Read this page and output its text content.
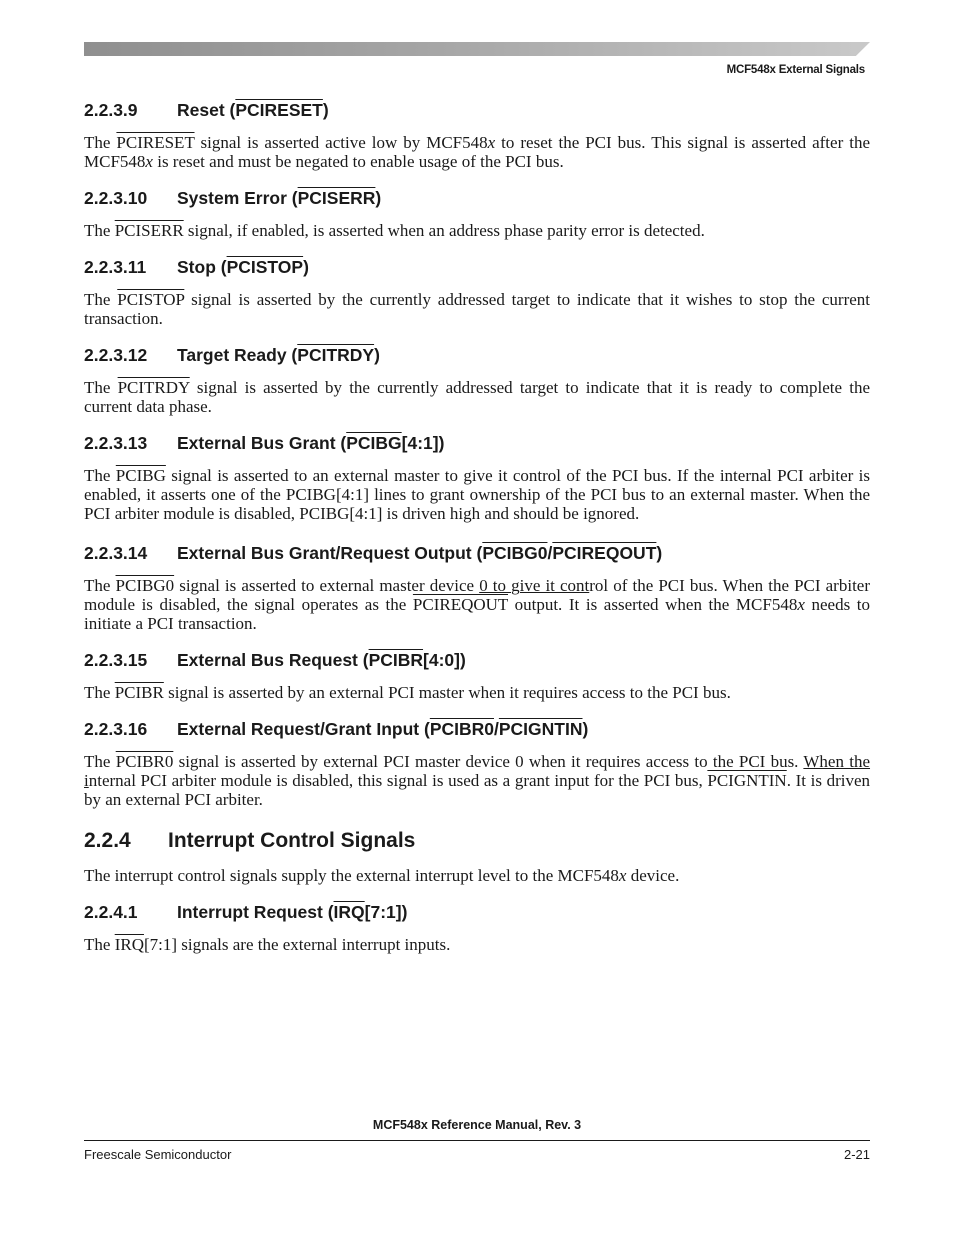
MCF548x External Signals
2.2.3.9 Reset (PCIRESET)

The PCIRESET signal is asserted active low by MCF548x to reset the PCI bus. This signal is asserted after the MCF548x is reset and must be negated to enable usage of the PCI bus.

2.2.3.10 System Error (PCISERR)

The PCISERR signal, if enabled, is asserted when an address phase parity error is detected.

2.2.3.11 Stop (PCISTOP)

The PCISTOP signal is asserted by the currently addressed target to indicate that it wishes to stop the current transaction.

2.2.3.12 Target Ready (PCITRDY)

The PCITRDY signal is asserted by the currently addressed target to indicate that it is ready to complete the current data phase.

2.2.3.13 External Bus Grant (PCIBG[4:1])

The PCIBG signal is asserted to an external master to give it control of the PCI bus. If the internal PCI arbiter is enabled, it asserts one of the PCIBG[4:1] lines to grant ownership of the PCI bus to an external master. When the PCI arbiter module is disabled, PCIBG[4:1] is driven high and should be ignored.

2.2.3.14 External Bus Grant/Request Output (PCIBG0/PCIREQOUT)

The PCIBG0 signal is asserted to external master device 0 to give it control of the PCI bus. When the PCI arbiter module is disabled, the signal operates as the PCIREQOUT output. It is asserted when the MCF548x needs to initiate a PCI transaction.

2.2.3.15 External Bus Request (PCIBR[4:0])

The PCIBR signal is asserted by an external PCI master when it requires access to the PCI bus.

2.2.3.16 External Request/Grant Input (PCIBR0/PCIGNTIN)

The PCIBR0 signal is asserted by external PCI master device 0 when it requires access to the PCI bus. When the internal PCI arbiter module is disabled, this signal is used as a grant input for the PCI bus, PCIGNTIN. It is driven by an external PCI arbiter.

2.2.4 Interrupt Control Signals

The interrupt control signals supply the external interrupt level to the MCF548x device.

2.2.4.1 Interrupt Request (IRQ[7:1])

The $\overline{IRQ}[7:1]$ signals are the external interrupt inputs.

MCF548x Reference Manual, Rev. 3
Freescale Semiconductor	2-21
